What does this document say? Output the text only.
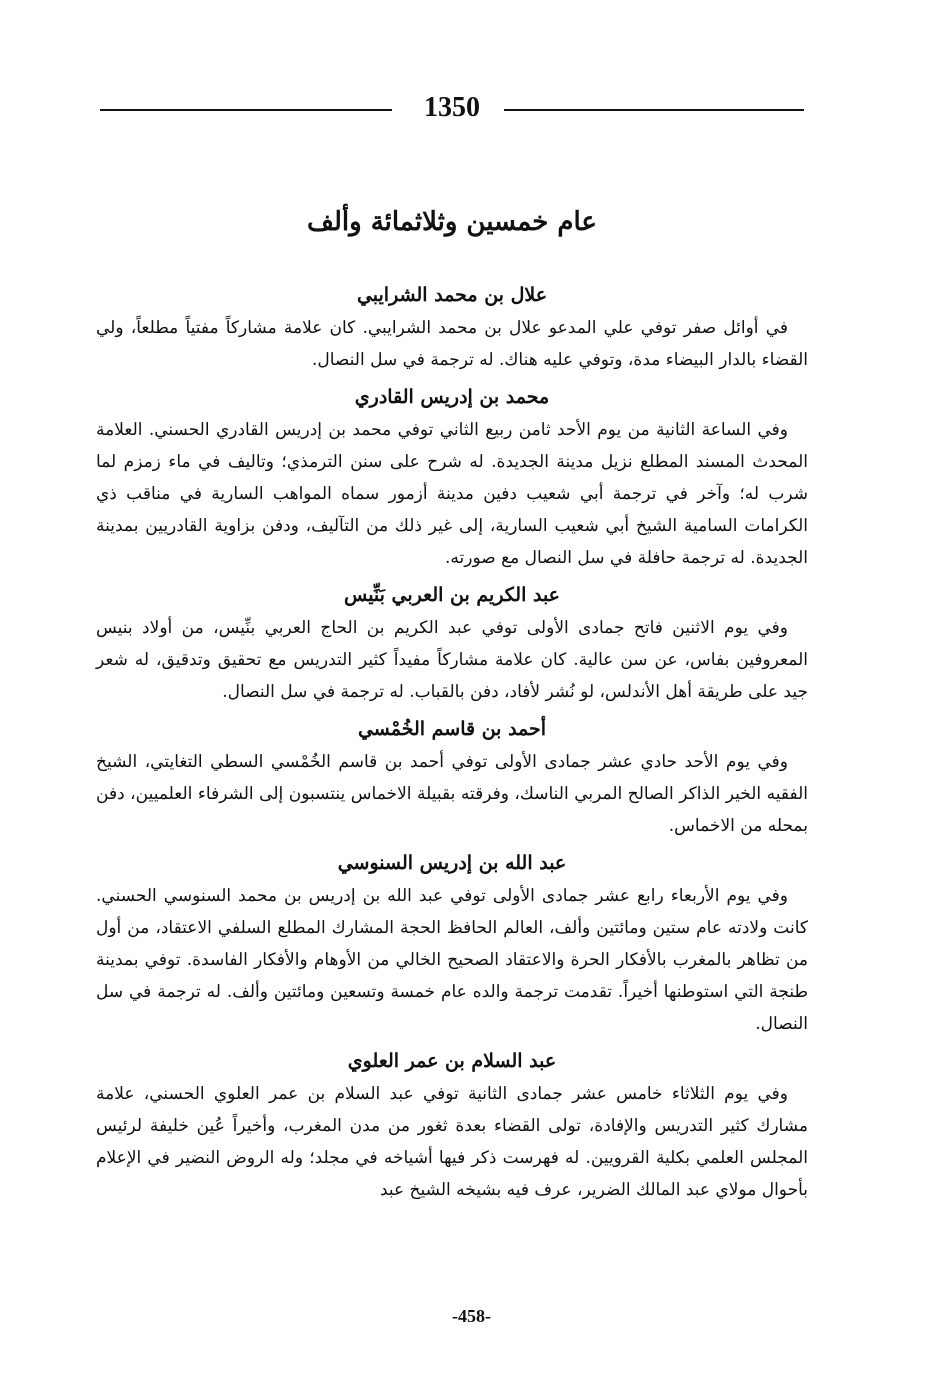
1350
عام خمسين وثلاثمائة وألف

علال بن محمد الشرايبي

في أوائل صفر توفي علي المدعو علال بن محمد الشرايبي. كان علامة مشاركاً مفتياً مطلعاً، ولي القضاء بالدار البيضاء مدة، وتوفي عليه هناك. له ترجمة في سل النصال.

محمد بن إدريس القادري

وفي الساعة الثانية من يوم الأحد ثامن ربيع الثاني توفي محمد بن إدريس القادري الحسني. العلامة المحدث المسند المطلع نزيل مدينة الجديدة. له شرح على سنن الترمذي؛ وتاليف في ماء زمزم لما شرب له؛ وآخر في ترجمة أبي شعيب دفين مدينة أزمور سماه المواهب السارية في مناقب ذي الكرامات السامية الشيخ أبي شعيب السارية، إلى غير ذلك من التآليف، ودفن بزاوية القادريين بمدينة الجديدة. له ترجمة حافلة في سل النصال مع صورته.

عبد الكريم بن العربي بَنِّيس

وفي يوم الاثنين فاتح جمادى الأولى توفي عبد الكريم بن الحاج العربي بنِّيس، من أولاد بنيس المعروفين بفاس، عن سن عالية. كان علامة مشاركاً مفيداً كثير التدريس مع تحقيق وتدقيق، له شعر جيد على طريقة أهل الأندلس، لو نُشر لأفاد، دفن بالقباب. له ترجمة في سل النصال.

أحمد بن قاسم الخُمْسي

وفي يوم الأحد حادي عشر جمادى الأولى توفي أحمد بن قاسم الخُمْسي السطي التغايتي، الشيخ الفقيه الخير الذاكر الصالح المربي الناسك، وفرقته بقبيلة الاخماس ينتسبون إلى الشرفاء العلميين، دفن بمحله من الاخماس.

عبد الله بن إدريس السنوسي

وفي يوم الأربعاء رابع عشر جمادى الأولى توفي عبد الله بن إدريس بن محمد السنوسي الحسني. كانت ولادته عام ستين ومائتين وألف، العالم الحافظ الحجة المشارك المطلع السلفي الاعتقاد، من أول من تظاهر بالمغرب بالأفكار الحرة والاعتقاد الصحيح الخالي من الأوهام والأفكار الفاسدة. توفي بمدينة طنجة التي استوطنها أخيراً. تقدمت ترجمة والده عام خمسة وتسعين ومائتين وألف. له ترجمة في سل النصال.

عبد السلام بن عمر العلوي

وفي يوم الثلاثاء خامس عشر جمادى الثانية توفي عبد السلام بن عمر العلوي الحسني، علامة مشارك كثير التدريس والإفادة، تولى القضاء بعدة ثغور من مدن المغرب، وأخيراً عُين خليفة لرئيس المجلس العلمي بكلية القرويين. له فهرست ذكر فيها أشياخه في مجلد؛ وله الروض النضير في الإعلام بأحوال مولاي عبد المالك الضرير، عرف فيه بشيخه الشيخ عبد

-458-
